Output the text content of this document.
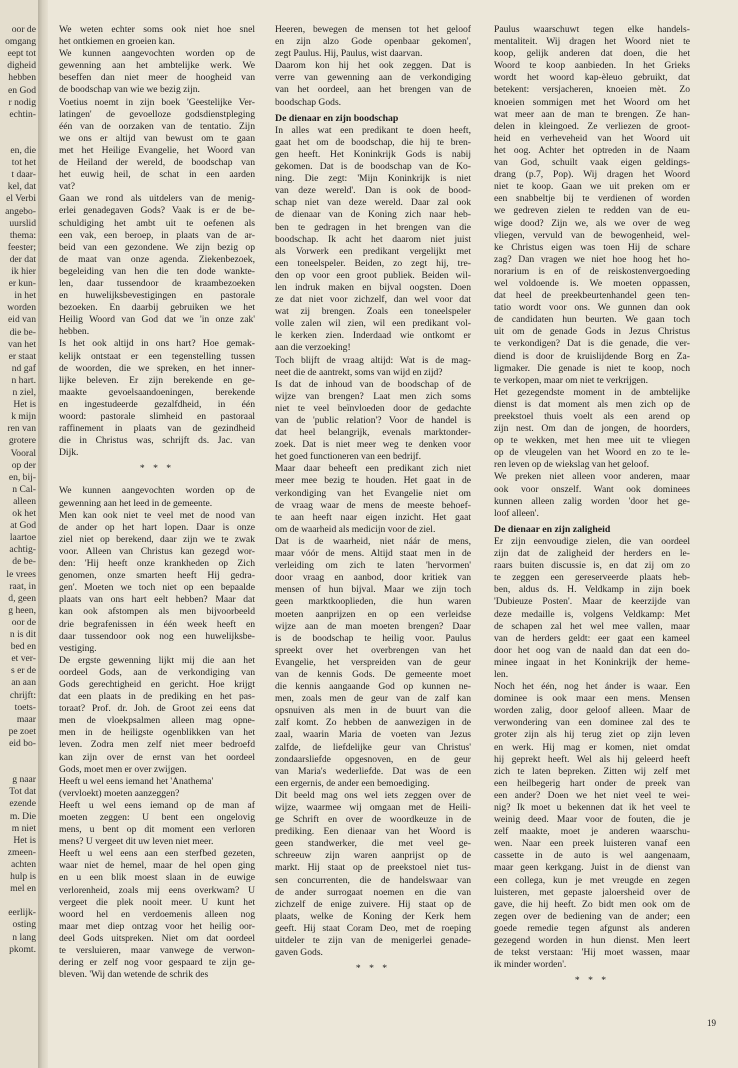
oor de
omgang
eept tot
digheid
hebben
en God
r nodig
echtin-
en, die
tot het
t daar-
kel, dat
el Verbi
angebo-
uurslid
thema:
feester;
der dat
ik hier
er kun-
in het
worden
eid van
die be-
van het
er staat
nd gaf
n hart.
n ziel,
Het is
k mijn
ren van
grotere
Vooral
op der
en, bij-
n Cal-
alleen
ok het
at God
laartoe
achtig-
de be-
le vrees
raat, in
d, geen
g heen,
oor de
n is dit
bed en
et ver-
s er de
an aan
chrijft:
toets-
maar
pe zoet
eid bo-
g naar
Tot dat
ezende
m. Die
m niet
Het is
zmeen-
achten
hulp is
mel en
eerlijk-
osting
n lang
pkomt.
We weten echter soms ook niet hoe snel
het ontkiemen en groeien kan.
We kunnen aangevochten worden op de
gewenning aan het ambtelijke werk. We
beseffen dan niet meer de hoogheid van
de boodschap van wie we bezig zijn.
Voetius noemt in zijn boek 'Geestelijke Ver-
latingen' de gevoelloze godsdienstpleging
één van de oorzaken van de tentatio. Zijn
we ons er altijd van bewust om te gaan
met het Heilige Evangelie, het Woord van
de Heiland der wereld, de boodschap van
het euwig heil, de schat in een aarden
vat?
Gaan we rond als uitdelers van de menig-
erlei genadegaven Gods? Vaak is er de be-
schuldiging het ambt uit te oefenen als
een vak, een beroep, in plaats van de ar-
beid van een gezondene. We zijn bezig op
de maat van onze agenda. Ziekenbezoek,
begeleiding van hen die ten dode wankte-
len, daar tussendoor de kraambezoeken
en huwelijksbevestigingen en pastorale
bezoeken. En daarbij gebruiken we het
Heilig Woord van God dat we 'in onze zak'
hebben.
Is het ook altijd in ons hart? Hoe gemak-
kelijk ontstaat er een tegenstelling tussen
de woorden, die we spreken, en het inner-
lijke beleven. Er zijn berekende en ge-
maakte gevoelsaandoeningen, berekende
en ingestudeerde gezalfdheid, in één
woord: pastorale slimheid en pastoraal
raffinement in plaats van de gezindheid
die in Christus was, schrijft ds. Jac. van
Dijk.
* * *
We kunnen aangevochten worden op de
gewenning aan het leed in de gemeente.
Men kan ook niet te veel met de nood van
de ander op het hart lopen. Daar is onze
ziel niet op berekend, daar zijn we te zwak
voor. Alleen van Christus kan gezegd wor-
den: 'Hij heeft onze krankheden op Zich
genomen, onze smarten heeft Hij gedra-
gen'. Moeten we toch niet op een bepaalde
plaats van ons hart eelt hebben? Maar dat
kan ook afstompen als men bijvoorbeeld
drie begrafenissen in één week heeft en
daar tussendoor ook nog een huwelijksbe-
vestiging.
De ergste gewenning lijkt mij die aan het
oordeel Gods, aan de verkondiging van
Gods gerechtigheid en gericht. Hoe krijgt
dat een plaats in de prediking en het pas-
toraat? Prof. dr. Joh. de Groot zei eens dat
men de vloekpsalmen alleen mag opne-
men in de heiligste ogenblikken van het
leven. Zodra men zelf niet meer bedroefd
kan zijn over de ernst van het oordeel
Gods, moet men er over zwijgen.
Heeft u wel eens iemand het 'Anathema'
(vervloekt) moeten aanzeggen?
Heeft u wel eens iemand op de man af
moeten zeggen: U bent een ongelovig
mens, u bent op dit moment een verloren
mens? U vergeet dit uw leven niet meer.
Heeft u wel eens aan een sterfbed gezeten,
waar niet de hemel, maar de hel open ging
en u een blik moest slaan in de euwige
verlorenheid, zoals mij eens overkwam? U
vergeet die plek nooit meer. U kunt het
woord hel en verdoemenis alleen nog
maar met diep ontzag voor het heilig oor-
deel Gods uitspreken. Niet om dat oordeel
te versluieren, maar vanwege de verwon-
dering er zelf nog voor gespaard te zijn ge-
bleven. 'Wij dan wetende de schrik des
Heeren, bewegen de mensen tot het geloof
en zijn alzo Gode openbaar gekomen',
zegt Paulus. Hij, Paulus, wist daarvan.
Daarom kon hij het ook zeggen. Dat is
verre van gewenning aan de verkondiging
van het oordeel, aan het brengen van de
boodschap Gods.
De dienaar en zijn boodschap
In alles wat een predikant te doen heeft,
gaat het om de boodschap, die hij te bren-
gen heeft. Het Koninkrijk Gods is nabij
gekomen. Dat is de boodschap van de Ko-
ning. Die zegt: 'Mijn Koninkrijk is niet
van deze wereld'. Dan is ook de bood-
schap niet van deze wereld. Daar zal ook
de dienaar van de Koning zich naar heb-
ben te gedragen in het brengen van die
boodschap. Ik acht het daarom niet juist
als Vorwerk een predikant vergelijkt met
een toneelspeler. Beiden, zo zegt hij, tre-
den op voor een groot publiek. Beiden wil-
len indruk maken en bijval oogsten. Doen
ze dat niet voor zichzelf, dan wel voor dat
wat zij brengen. Zoals een toneelspeler
volle zalen wil zien, wil een predikant vol-
le kerken zien. Inderdaad wie ontkomt er
aan die verzoeking!
Toch blijft de vraag altijd: Wat is de mag-
neet die de aantrekt, soms van wijd en zijd?
Is dat de inhoud van de boodschap of de
wijze van brengen? Laat men zich soms
niet te veel beïnvloeden door de gedachte
van de 'public relation'? Voor de handel is
dat heel belangrijk, evenals marktonder-
zoek. Dat is niet meer weg te denken voor
het goed functioneren van een bedrijf.
Maar daar beheeft een predikant zich niet
meer mee bezig te houden. Het gaat in de
verkondiging van het Evangelie niet om
de vraag waar de mens de meeste behoef-
te aan heeft naar eigen inzicht. Het gaat
om de waarheid als medicijn voor de ziel.
Dat is de waarheid, niet náár de mens,
maar vóór de mens. Altijd staat men in de
verleiding om zich te laten 'hervormen'
door vraag en aanbod, door kritiek van
mensen of hun bijval. Maar we zijn toch
geen marktkooplieden, die hun waren
moeten aanprijzen en op een verleidse
wijze aan de man moeten brengen? Daar
is de boodschap te heilig voor. Paulus
spreekt over het overbrengen van het
Evangelie, het verspreiden van de geur
van de kennis Gods. De gemeente moet
die kennis aangaande God op kunnen ne-
men, zoals men de geur van de zalf kan
opsnuiven als men in de buurt van die
zalf komt. Zo hebben de aanwezigen in de
zaal, waarin Maria de voeten van Jezus
zalfde, de liefdelijke geur van Christus'
zondaarsliefde opgesnoven, en de geur
van Maria's wederliefde. Dat was de een
een ergernis, de ander een bemoediging.
Dit beeld mag ons wel iets zeggen over de
wijze, waarmee wij omgaan met de Heili-
ge Schrift en over de woordkeuze in de
prediking. Een dienaar van het Woord is
geen standwerker, die met veel ge-
schreeuw zijn waren aanprijst op de
markt. Hij staat op de preekstoel niet tus-
sen concurrenten, die de handelswaar van
de ander surrogaat noemen en die van
zichzelf de enige zuivere. Hij staat op de
plaats, welke de Koning der Kerk hem
geeft. Hij staat Coram Deo, met de roeping
uitdeler te zijn van de menigerlei genade-
gaven Gods.
* * *
Paulus waarschuwt tegen elke handels-
mentaliteit. Wij dragen het Woord niet te
koop, gelijk anderen dat doen, die het
Woord te koop aanbieden. In het Grieks
wordt het woord kap-èleuo gebruikt, dat
betekent: versjacheren, knoeien mèt. Zo
knoeien sommigen met het Woord om het
wat meer aan de man te brengen. Ze han-
delen in kleingoed. Ze verliezen de groot-
heid en verheveheid van het Woord uit
het oog. Achter het optreden in de Naam
van God, schuilt vaak eigen geldings-
drang (p.7, Pop). Wij dragen het Woord
niet te koop. Gaan we uit preken om er
een snabbeltje bij te verdienen of worden
we gedreven zielen te redden van de eu-
wige dood? Zijn we, als we over de weg
vliegen, vervuld van de bewogenheid, wel-
ke Christus eigen was toen Hij de schare
zag? Dan vragen we niet hoe hoog het ho-
norarium is en of de reiskostenvergoeding
wel voldoende is. We moeten oppassen,
dat heel de preekbeurtenhandel geen ten-
tatio wordt voor ons. We gunnen dan ook
de candidaten hun beurten. We gaan toch
uit om de genade Gods in Jezus Christus
te verkondigen? Dat is die genade, die ver-
diend is door de kruislijdende Borg en Za-
ligmaker. Die genade is niet te koop, noch
te verkopen, maar om niet te verkrijgen.
Het gezegendste moment in de ambtelijke
dienst is dat moment als men zich op de
preekstoel thuis voelt als een arend op
zijn nest. Om dan de jongen, de hoorders,
op te wekken, met hen mee uit te vliegen
op de vleugelen van het Woord en zo te le-
ren leven op de wiekslag van het geloof.
We preken niet alleen voor anderen, maar
ook voor onszelf. Want ook dominees
kunnen alleen zalig worden 'door het ge-
loof alleen'.
De dienaar en zijn zaligheid
Er zijn eenvoudige zielen, die van oordeel
zijn dat de zaligheid der herders en le-
raars buiten discussie is, en dat zij om zo
te zeggen een gereserveerde plaats heb-
ben, aldus ds. H. Veldkamp in zijn boek
'Dubieuze Posten'. Maar de keerzijde van
deze medaille is, volgens Veldkamp: Met
de schapen zal het wel mee vallen, maar
van de herders geldt: eer gaat een kameel
door het oog van de naald dan dat een do-
minee ingaat in het Koninkrijk der heme-
len.
Noch het één, nog het ánder is waar. Een
dominee is ook maar een mens. Mensen
worden zalig, door geloof alleen. Maar de
verwondering van een dominee zal des te
groter zijn als hij terug ziet op zijn leven
en werk. Hij mag er komen, niet omdat
hij geprekt heeft. Wel als hij geleerd heeft
zich te laten bepreken. Zitten wij zelf met
een heilbegerig hart onder de preek van
een ander? Doen we het niet veel te wei-
nig? Ik moet u bekennen dat ik het veel te
weinig deed. Maar voor de fouten, die je
zelf maakte, moet je anderen waarschu-
wen. Naar een preek luisteren vanaf een
cassette in de auto is wel aangenaam,
maar geen kerkgang. Juist in de dienst van
een collega, kun je met vreugde en zegen
luisteren, met gepaste jaloersheid over de
gave, die hij heeft. Zo bidt men ook om de
zegen over de bediening van de ander; een
goede remedie tegen afgunst als anderen
gezegend worden in hun dienst. Men leert
de tekst verstaan: 'Hij moet wassen, maar
ik minder worden'.
* * *
19
